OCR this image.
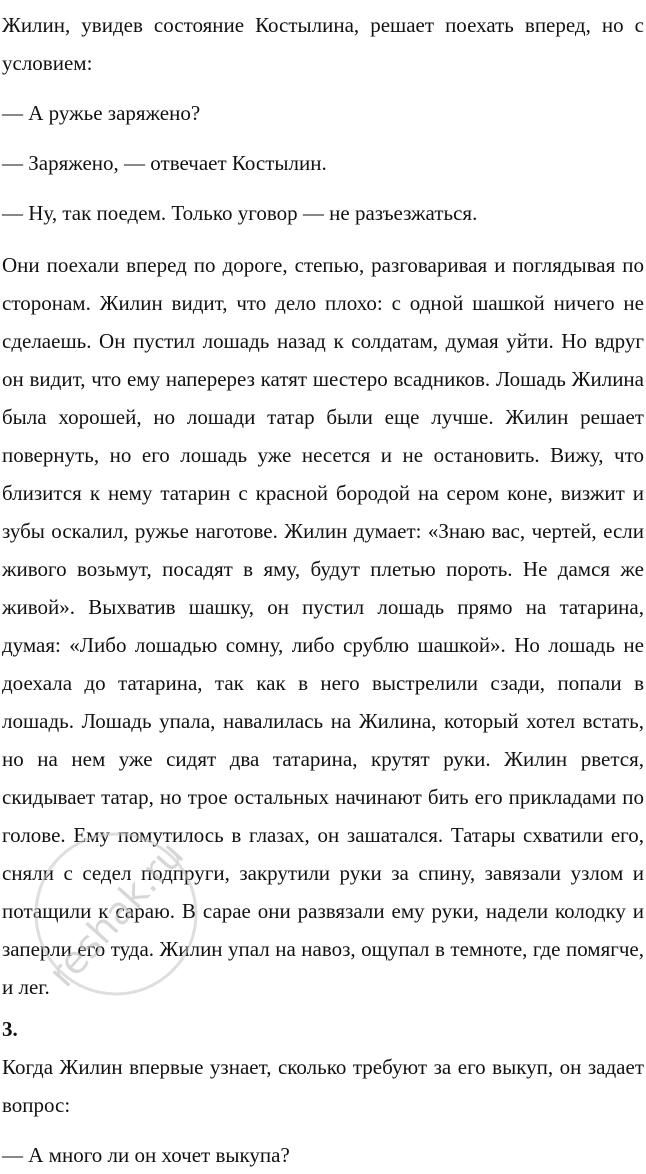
Жилин, увидев состояние Костылина, решает поехать вперед, но с условием:

— А ружье заряжено?

— Заряжено, — отвечает Костылин.

— Ну, так поедем. Только уговор — не разъезжаться.

Они поехали вперед по дороге, степью, разговаривая и поглядывая по сторонам. Жилин видит, что дело плохо: с одной шашкой ничего не сделаешь. Он пустил лошадь назад к солдатам, думая уйти. Но вдруг он видит, что ему наперерез катят шестеро всадников. Лошадь Жилина была хорошей, но лошади татар были еще лучше. Жилин решает повернуть, но его лошадь уже несется и не остановить. Вижу, что близится к нему татарин с красной бородой на сером коне, визжит и зубы оскалил, ружье наготове. Жилин думает: «Знаю вас, чертей, если живого возьмут, посадят в яму, будут плетью пороть. Не дамся же живой». Выхватив шашку, он пустил лошадь прямо на татарина, думая: «Либо лошадью сомну, либо срублю шашкой». Но лошадь не доехала до татарина, так как в него выстрелили сзади, попали в лошадь. Лошадь упала, навалилась на Жилина, который хотел встать, но на нем уже сидят два татарина, крутят руки. Жилин рвется, скидывает татар, но трое остальных начинают бить его прикладами по голове. Ему помутилось в глазах, он зашатался. Татары схватили его, сняли с седел подпруги, закрутили руки за спину, завязали узлом и потащили к сараю. В сарае они развязали ему руки, надели колодку и заперли его туда. Жилин упал на навоз, ощупал в темноте, где помягче, и лег.

3.

Когда Жилин впервые узнает, сколько требуют за его выкуп, он задает вопрос:

— А много ли он хочет выкупа?

reshak.ru
